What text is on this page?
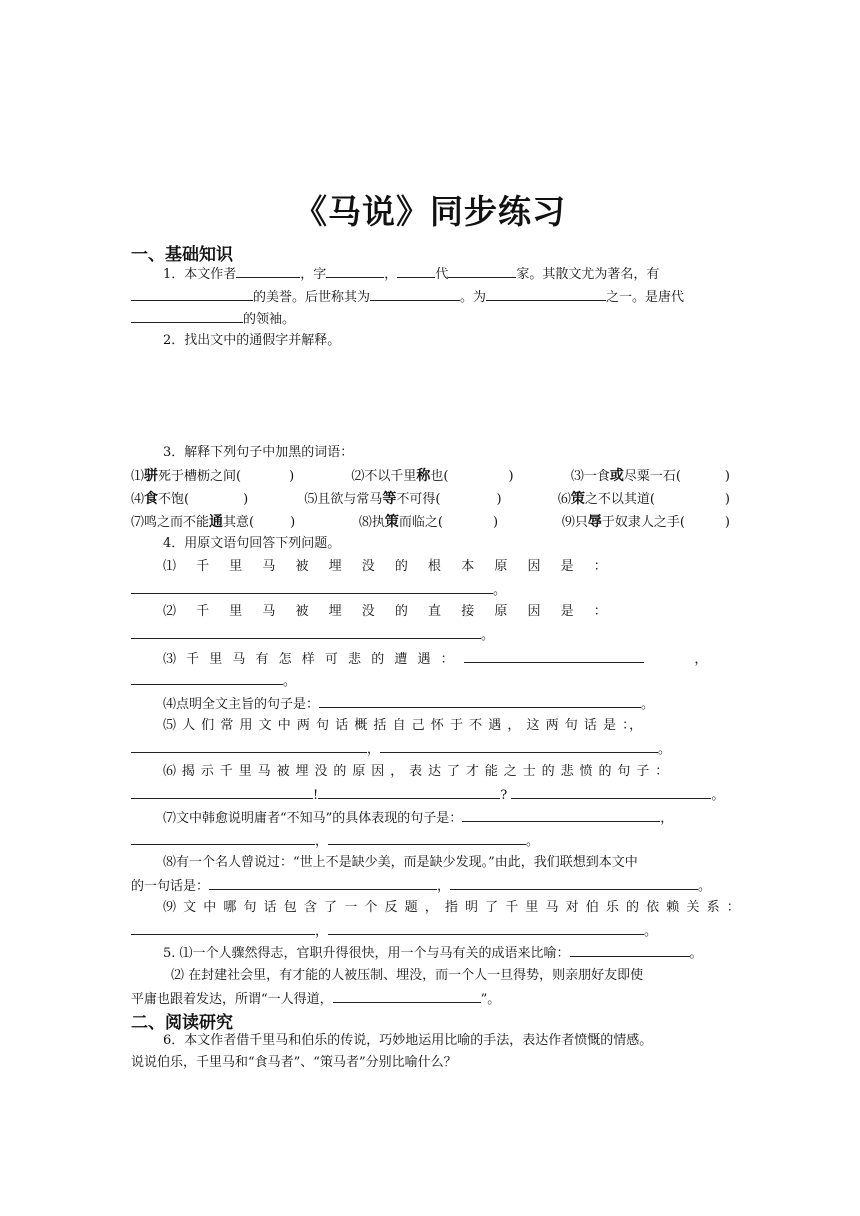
《马说》同步练习
一、基础知识
1．本文作者	，字	，	代	家。其散文尤为著名，有
的美誉。后世称其为	。为	之一。是唐代
的领袖。
2．找出文中的通假字并解释。
3．解释下列句子中加黑的词语：
⑴骈死于槽枥之间(	)	⑵不以千里称也(	)	⑶一食或尽粟一石(	)
⑷食不饱(	)	⑸且欲与常马等不可得(	)	⑹策之不以其道(	)
⑺鸣之而不能通其意(	)	⑻执策而临之(	)	⑼只辱于奴隶人之手(	)
4．用原文语句回答下列问题。
⑴ 千 里 马 被 埋 没 的 根 本 原 因 是 ：
。
⑵ 千 里 马 被 埋 没 的 直 接 原 因 是 ：
。
⑶ 千 里 马 有 怎 样 可 悲 的 遭 遇 ：	，
。
⑷点明全文主旨的句子是：	。
⑸ 人 们 常 用 文 中 两 句 话 概 括 自 己 怀 于 不 遇 ， 这 两 句 话 是 ：，
，	。
⑹ 揭 示 千 里 马 被 埋 没 的 原 因 ， 表 达 了 才 能 之 士 的 悲 愤 的 句 子 ：
!	?	。
⑺文中韩愈说明庸者“不知马”的具体表现的句子是：	，
，	。
⑻有一个名人曾说过：“世上不是缺少美，而是缺少发现。”由此，我们联想到本文中
的一句话是：	，	。
⑼ 文 中 哪 句 话 包 含 了 一 个 反 题 ， 指 明 了 千 里 马 对 伯 乐 的 依 赖 关 系 ：
，	。
5. ⑴一个人骤然得志，官职升得很快，用一个与马有关的成语来比喻：	。
⑵ 在封建社会里，有才能的人被压制、埋没，而一个人一旦得势，则亲朋好友即使
平庸也跟着发达，所谓“一人得道，	”。
二、阅读研究
6．本文作者借千里马和伯乐的传说，巧妙地运用比喻的手法，表达作者愤慨的情感。
说说伯乐，千里马和“食马者”、“策马者”分别比喻什么？
